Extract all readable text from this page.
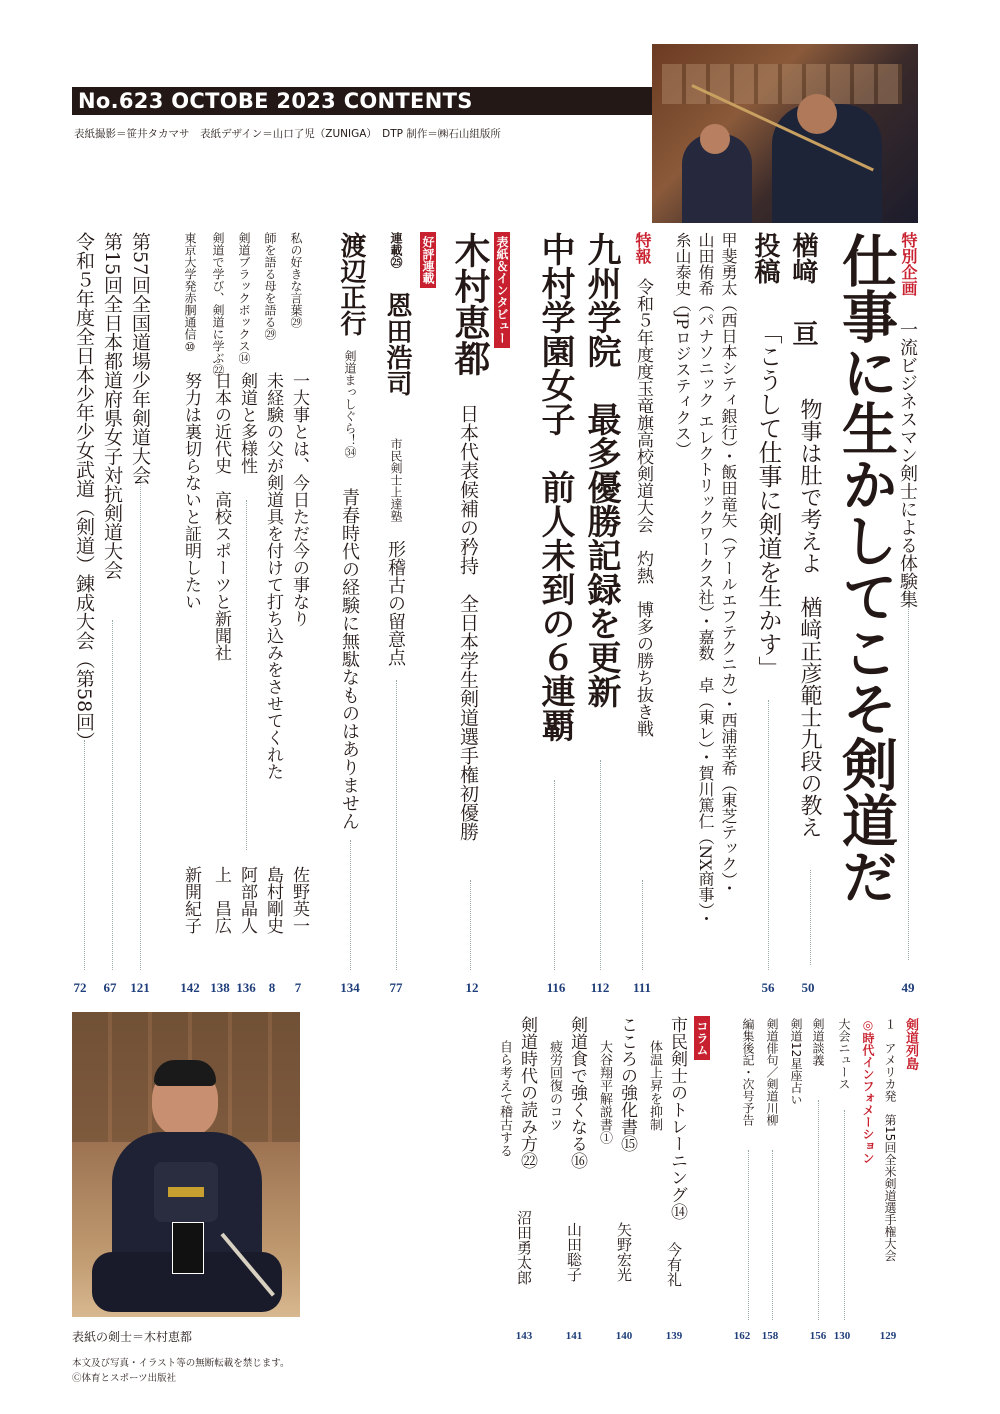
No.623 OCTOBE 2023 CONTENTS
表紙撮影＝笹井タカマサ　表紙デザイン＝山口了児（ZUNIGA）　DTP 制作＝㈱石山組版所
特別企画
一流ビジネスマン剣士による体験集
49
仕事に生かしてこそ剣道だ
楢﨑
亘
物事は肚で考えよ　楢﨑正彦範士九段の教え
50
投稿
「こうして仕事に剣道を生かす」
56
甲斐勇太（西日本シティ銀行）・飯田竜矢（アールエフテクニカ）・西浦幸希（東芝テック）・
山田侑希（パナソニック エレクトリックワークス社）・嘉数　卓（東レ）・賀川篤仁（NX商事）・
糸山泰史（JPロジスティクス）
特報
令和５年度度玉竜旗高校剣道大会　灼熱　博多の勝ち抜き戦
111
九州学院　最多優勝記録を更新
112
中村学園女子　前人未到の６連覇
116
表紙＆インタビュー
木村恵都
日本代表候補の矜持　全日本学生剣道選手権初優勝
12
好評連載
連載㉕
恩田浩司
市民剣士上達塾
形稽古の留意点
77
渡辺正行
剣道まっしぐら！㉞
青春時代の経験に無駄なものはありません
134
私の好きな言葉㉙
一大事とは、今日ただ今の事なり
佐野英一
7
師を語る母を語る㉙
未経験の父が剣道具を付けて打ち込みをさせてくれた
島村剛史
8
剣道ブラックボックス⑭
剣道と多様性
阿部晶人
136
剣道で学び、剣道に学ぶ㉒
日本の近代史　高校スポーツと新聞社
上　昌広
138
東京大学発赤胴通信⑩
努力は裏切らないと証明したい
新開紀子
142
第57回全国道場少年剣道大会
121
第15回全日本都道府県女子対抗剣道大会
67
令和５年度全日本少年少女武道（剣道）錬成大会（第58回）
72
表紙の剣士＝木村恵都
本文及び写真・イラスト等の無断転載を禁じます。
Ⓒ体育とスポーツ出版社
剣道列島
１　アメリカ発　第15回全米剣道選手権大会
129
◎時代インフォメーション
大会ニュース
130
剣道談義
156
剣道12星座占い
剣道俳句／剣道川柳
158
編集後記・次号予告
162
コラム
市民剣士のトレーニング⑭
体温上昇を抑制
今有礼
139
こころの強化書⑮
大谷翔平解説書①
矢野宏光
140
剣道食で強くなる⑯
疲労回復のコツ
山田聡子
141
剣道時代の読み方㉒
自ら考えて稽古する
沼田勇太郎
143
